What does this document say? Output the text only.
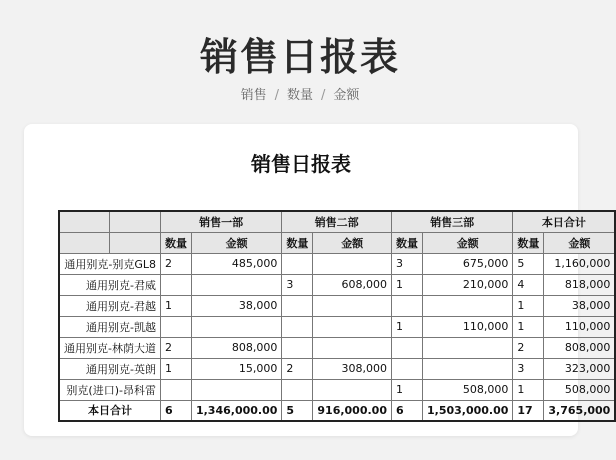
销售日报表
销售 / 数量 / 金额
销售日报表
		销售一部		销售二部		销售三部		本日合计	
		数量	金额	数量	金额	数量	金额	数量	金额
通用别克-别克GL8		2	485,000			3	675,000	5	1,160,000
通用别克-君威				3	608,000	1	210,000	4	818,000
通用别克-君越		1	38,000					1	38,000
通用别克-凯越						1	110,000	1	110,000
通用别克-林荫大道		2	808,000					2	808,000
通用别克-英朗		1	15,000	2	308,000			3	323,000
别克(进口)-昂科雷						1	508,000	1	508,000
本日合计		6	1,346,000.00	5	916,000.00	6	1,503,000.00	17	3,765,000
